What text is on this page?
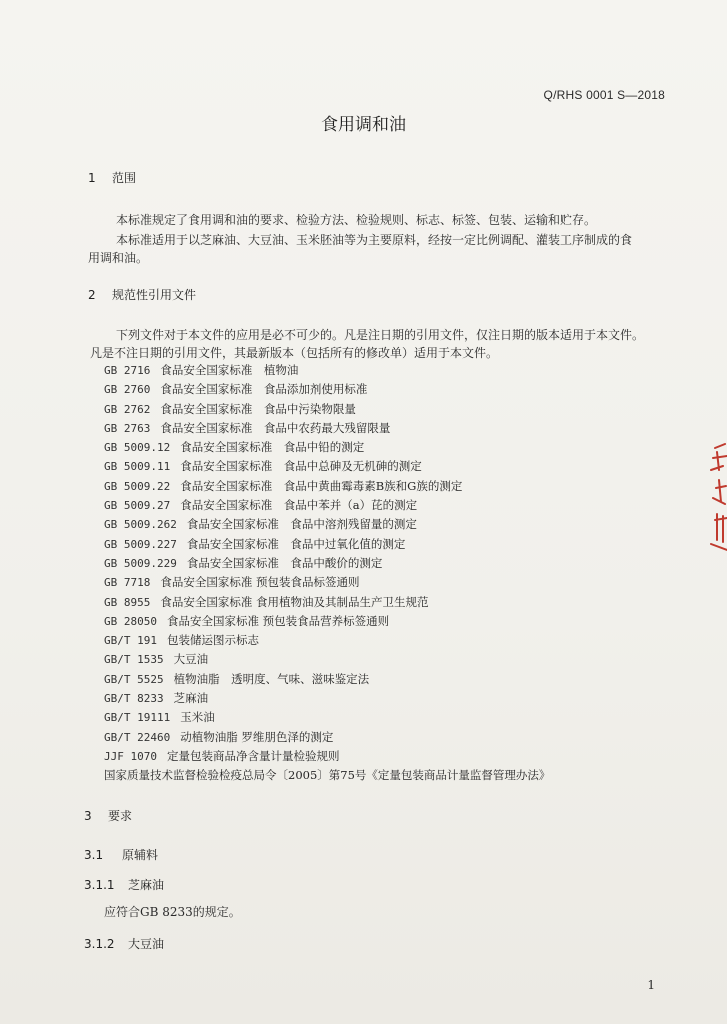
Q/RHS 0001 S—2018
食用调和油
1 范围
本标准规定了食用调和油的要求、检验方法、检验规则、标志、标签、包装、运输和贮存。
本标准适用于以芝麻油、大豆油、玉米胚油等为主要原料，经按一定比例调配、灌装工序制成的食
用调和油。
2 规范性引用文件
下列文件对于本文件的应用是必不可少的。凡是注日期的引用文件，仅注日期的版本适用于本文件。
凡是不注日期的引用文件，其最新版本（包括所有的修改单）适用于本文件。
GB 2716 食品安全国家标准　植物油
GB 2760 食品安全国家标准　食品添加剂使用标准
GB 2762 食品安全国家标准　食品中污染物限量
GB 2763 食品安全国家标准　食品中农药最大残留限量
GB 5009.12 食品安全国家标准　食品中铅的测定
GB 5009.11 食品安全国家标准　食品中总砷及无机砷的测定
GB 5009.22 食品安全国家标准　食品中黄曲霉毒素B族和G族的测定
GB 5009.27 食品安全国家标准　食品中苯并（a）芘的测定
GB 5009.262 食品安全国家标准　食品中溶剂残留量的测定
GB 5009.227 食品安全国家标准　食品中过氧化值的测定
GB 5009.229 食品安全国家标准　食品中酸价的测定
GB 7718 食品安全国家标准 预包装食品标签通则
GB 8955 食品安全国家标准 食用植物油及其制品生产卫生规范
GB 28050 食品安全国家标准 预包装食品营养标签通则
GB/T 191 包装储运图示标志
GB/T 1535 大豆油
GB/T 5525 植物油脂　透明度、气味、滋味鉴定法
GB/T 8233 芝麻油
GB/T 19111 玉米油
GB/T 22460 动植物油脂 罗维朋色泽的测定
JJF 1070 定量包装商品净含量计量检验规则
国家质量技术监督检验检疫总局令〔2005〕第75号《定量包装商品计量监督管理办法》
3 要求
3.1 原辅料
3.1.1 芝麻油
应符合GB 8233的规定。
3.1.2 大豆油
1
